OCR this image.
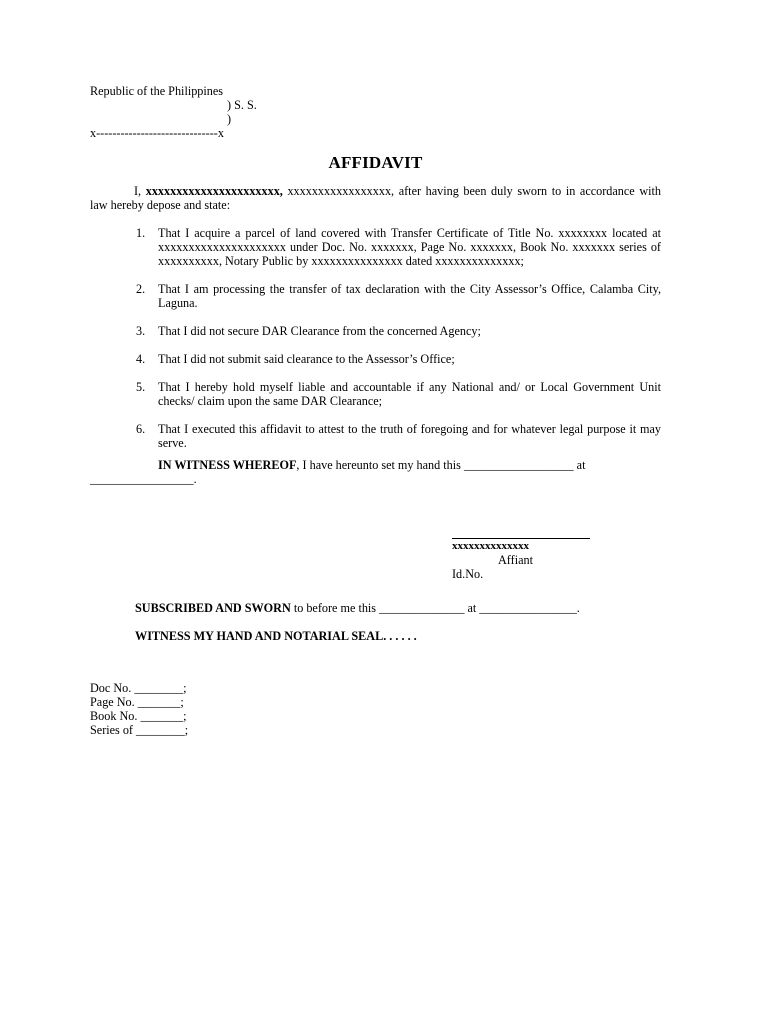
Republic of the Philippines
) S. S.
)
x------------------------------x
AFFIDAVIT

I, xxxxxxxxxxxxxxxxxxxxxx, xxxxxxxxxxxxxxxxx, after having been duly sworn to in accordance with law hereby depose and state:

1.	That I acquire a parcel of land covered with Transfer Certificate of Title No. xxxxxxxx located at xxxxxxxxxxxxxxxxxxxxx under Doc. No. xxxxxxx, Page No. xxxxxxx, Book No. xxxxxxx series of xxxxxxxxxx, Notary Public by xxxxxxxxxxxxxxx dated xxxxxxxxxxxxxx;
2.	That I am processing the transfer of tax declaration with the City Assessor’s Office, Calamba City, Laguna.
3.	That I did not secure DAR Clearance from the concerned Agency;
4.	That I did not submit said clearance to the Assessor’s Office;
5.	That I hereby hold myself liable and accountable if any National and/ or Local Government Unit checks/ claim upon the same DAR Clearance;
6.	That I executed this affidavit to attest to the truth of foregoing and for whatever legal purpose it may serve.

IN WITNESS WHEREOF, I have hereunto set my hand this __________________ at

_________________.
xxxxxxxxxxxxxx
Affiant
Id.No.
SUBSCRIBED AND SWORN to before me this ______________ at ________________.
WITNESS MY HAND AND NOTARIAL SEAL. . . . . .
Doc No. ________;
Page No. _______;
Book No. _______;
Series of ________;
